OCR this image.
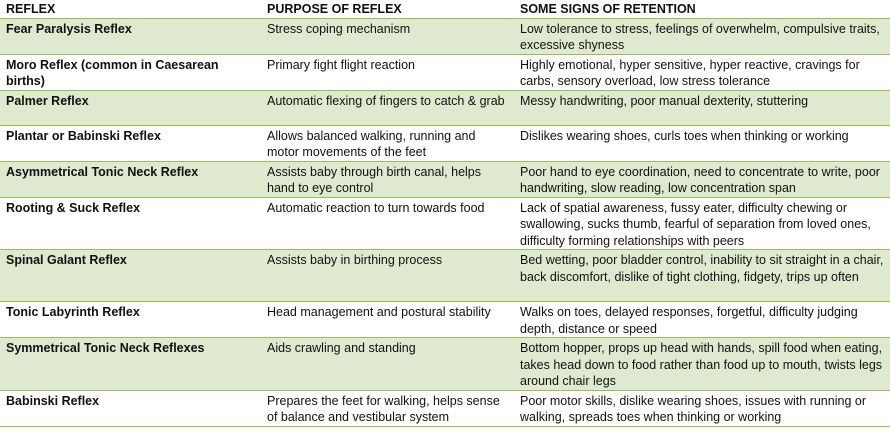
REFLEX	PURPOSE OF REFLEX	SOME SIGNS OF RETENTION
Fear Paralysis Reflex	Stress coping mechanism	Low tolerance to stress, feelings of overwhelm, compulsive traits, excessive shyness
Moro Reflex (common in Caesarean births)	Primary fight flight reaction	Highly emotional, hyper sensitive, hyper reactive, cravings for carbs, sensory overload, low stress tolerance
Palmer Reflex	Automatic flexing of fingers to catch & grab	Messy handwriting, poor manual dexterity, stuttering
Plantar or Babinski Reflex	Allows balanced walking, running and motor movements of the feet	Dislikes wearing shoes, curls toes when thinking or working
Asymmetrical Tonic Neck Reflex	Assists baby through birth canal, helps hand to eye control	Poor hand to eye coordination, need to concentrate to write, poor handwriting, slow reading, low concentration span
Rooting & Suck Reflex	Automatic reaction to turn towards food	Lack of spatial awareness, fussy eater, difficulty chewing or swallowing, sucks thumb, fearful of separation from loved ones, difficulty forming relationships with peers
Spinal Galant Reflex	Assists baby in birthing process	Bed wetting, poor bladder control, inability to sit straight in a chair, back discomfort, dislike of tight clothing, fidgety, trips up often
Tonic Labyrinth Reflex	Head management and postural stability	Walks on toes, delayed responses, forgetful, difficulty judging depth, distance or speed
Symmetrical Tonic Neck Reflexes	Aids crawling and standing	Bottom hopper, props up head with hands, spill food when eating, takes head down to food rather than food up to mouth, twists legs around chair legs
Babinski Reflex	Prepares the feet for walking, helps sense of balance and vestibular system	Poor motor skills, dislike wearing shoes, issues with running or walking, spreads toes when thinking or working
